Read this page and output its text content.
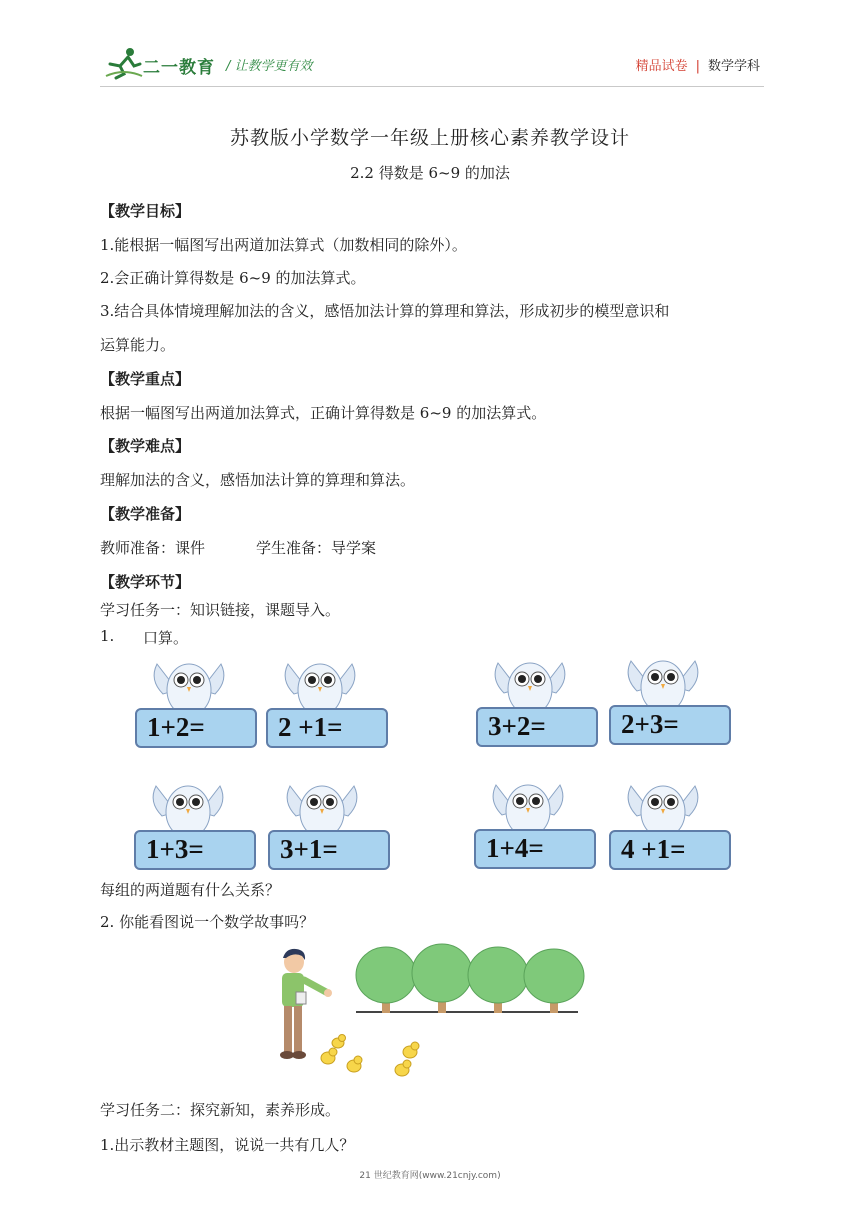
二一教育 / 让教学更有效	精品试卷 | 数学学科
苏教版小学数学一年级上册核心素养教学设计
2.2 得数是 6~9 的加法
【教学目标】
1.能根据一幅图写出两道加法算式（加数相同的除外）。
2.会正确计算得数是 6~9 的加法算式。
3.结合具体情境理解加法的含义，感悟加法计算的算理和算法，形成初步的模型意识和
运算能力。
【教学重点】
根据一幅图写出两道加法算式，正确计算得数是 6~9 的加法算式。
【教学难点】
理解加法的含义，感悟加法计算的算理和算法。
【教学准备】
教师准备：课件	学生准备：导学案
【教学环节】
学习任务一：知识链接，课题导入。
1. 口算。
1+2=	2 +1=	3+2=	2+3=
1+3=	3+1=	1+4=	4 +1=
每组的两道题有什么关系？
2. 你能看图说一个数学故事吗？
学习任务二：探究新知，素养形成。
1.出示教材主题图，说说一共有几人？
21 世纪教育网(www.21cnjy.com)
